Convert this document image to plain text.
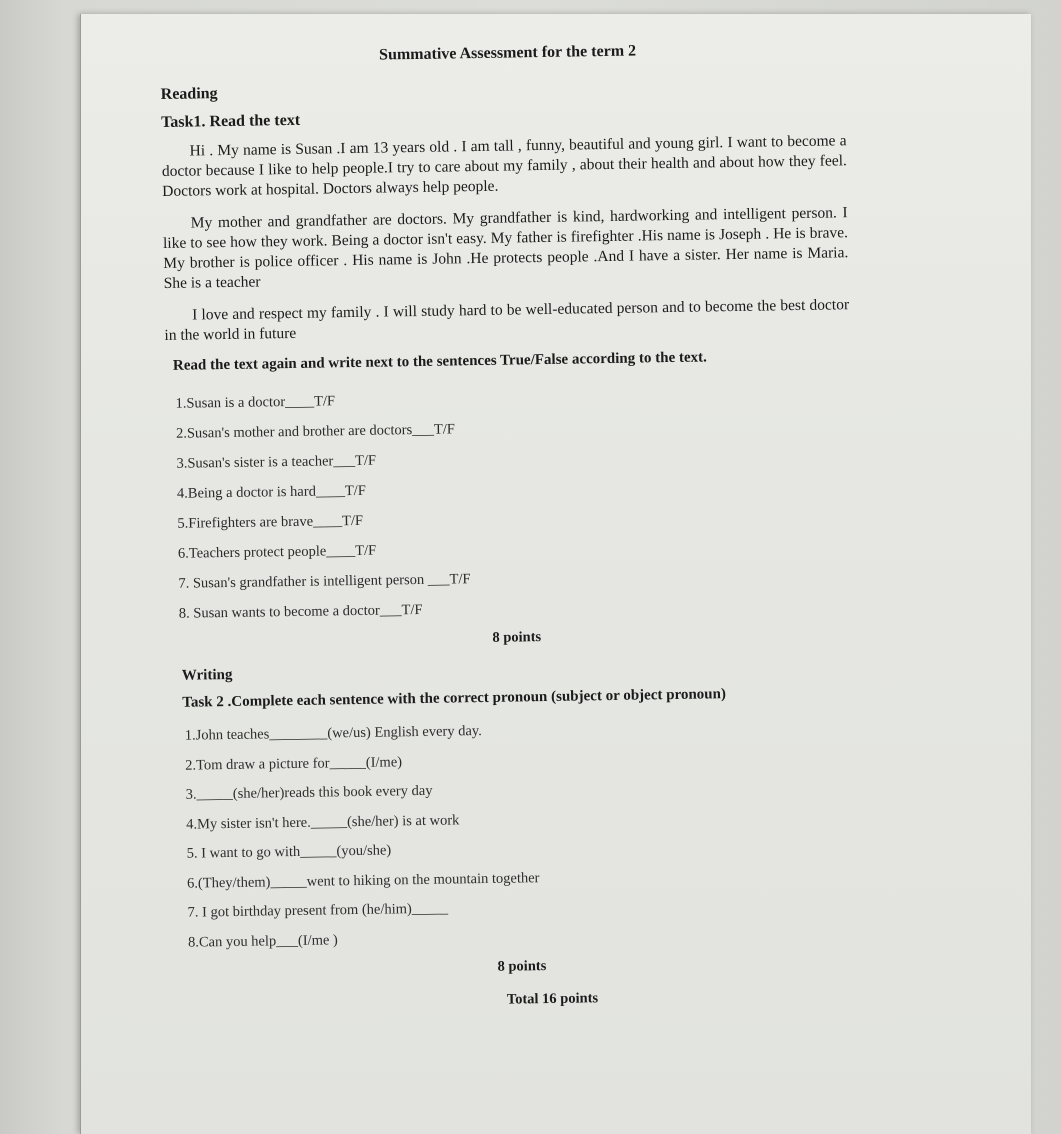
Summative Assessment for the term 2
Reading
Task1. Read the text

Hi . My name is Susan .I am 13 years old . I am tall , funny, beautiful and young girl. I want to become a doctor because I like to help people.I try to care about my family , about their health and about how they feel. Doctors work at hospital. Doctors always help people.

My mother and grandfather are doctors. My grandfather is kind, hardworking and intelligent person. I like to see how they work. Being a doctor isn't easy. My father is firefighter .His name is Joseph . He is brave. My brother is police officer . His name is John .He protects people .And I have a sister. Her name is Maria. She is a teacher

I love and respect my family . I will study hard to be well-educated person and to become the best doctor in the world in future

Read the text again and write next to the sentences True/False according to the text.
1.Susan is a doctor____T/F
2.Susan's mother and brother are doctors___T/F
3.Susan's sister is a teacher___T/F
4.Being a doctor is hard____T/F
5.Firefighters are brave____T/F
6.Teachers protect people____T/F
7. Susan's grandfather is intelligent person ___T/F
8. Susan wants to become a doctor___T/F
8 points
Writing
Task 2 .Complete each sentence with the correct pronoun (subject or object pronoun)
1.John teaches________(we/us) English every day.
2.Tom draw a picture for_____(I/me)
3._____(she/her)reads this book every day
4.My sister isn't here._____(she/her) is at work
5. I want to go with_____(you/she)
6.(They/them)_____went to hiking on the mountain together
7. I got birthday present from (he/him)_____
8.Can you help___(I/me )
8 points
Total 16 points
